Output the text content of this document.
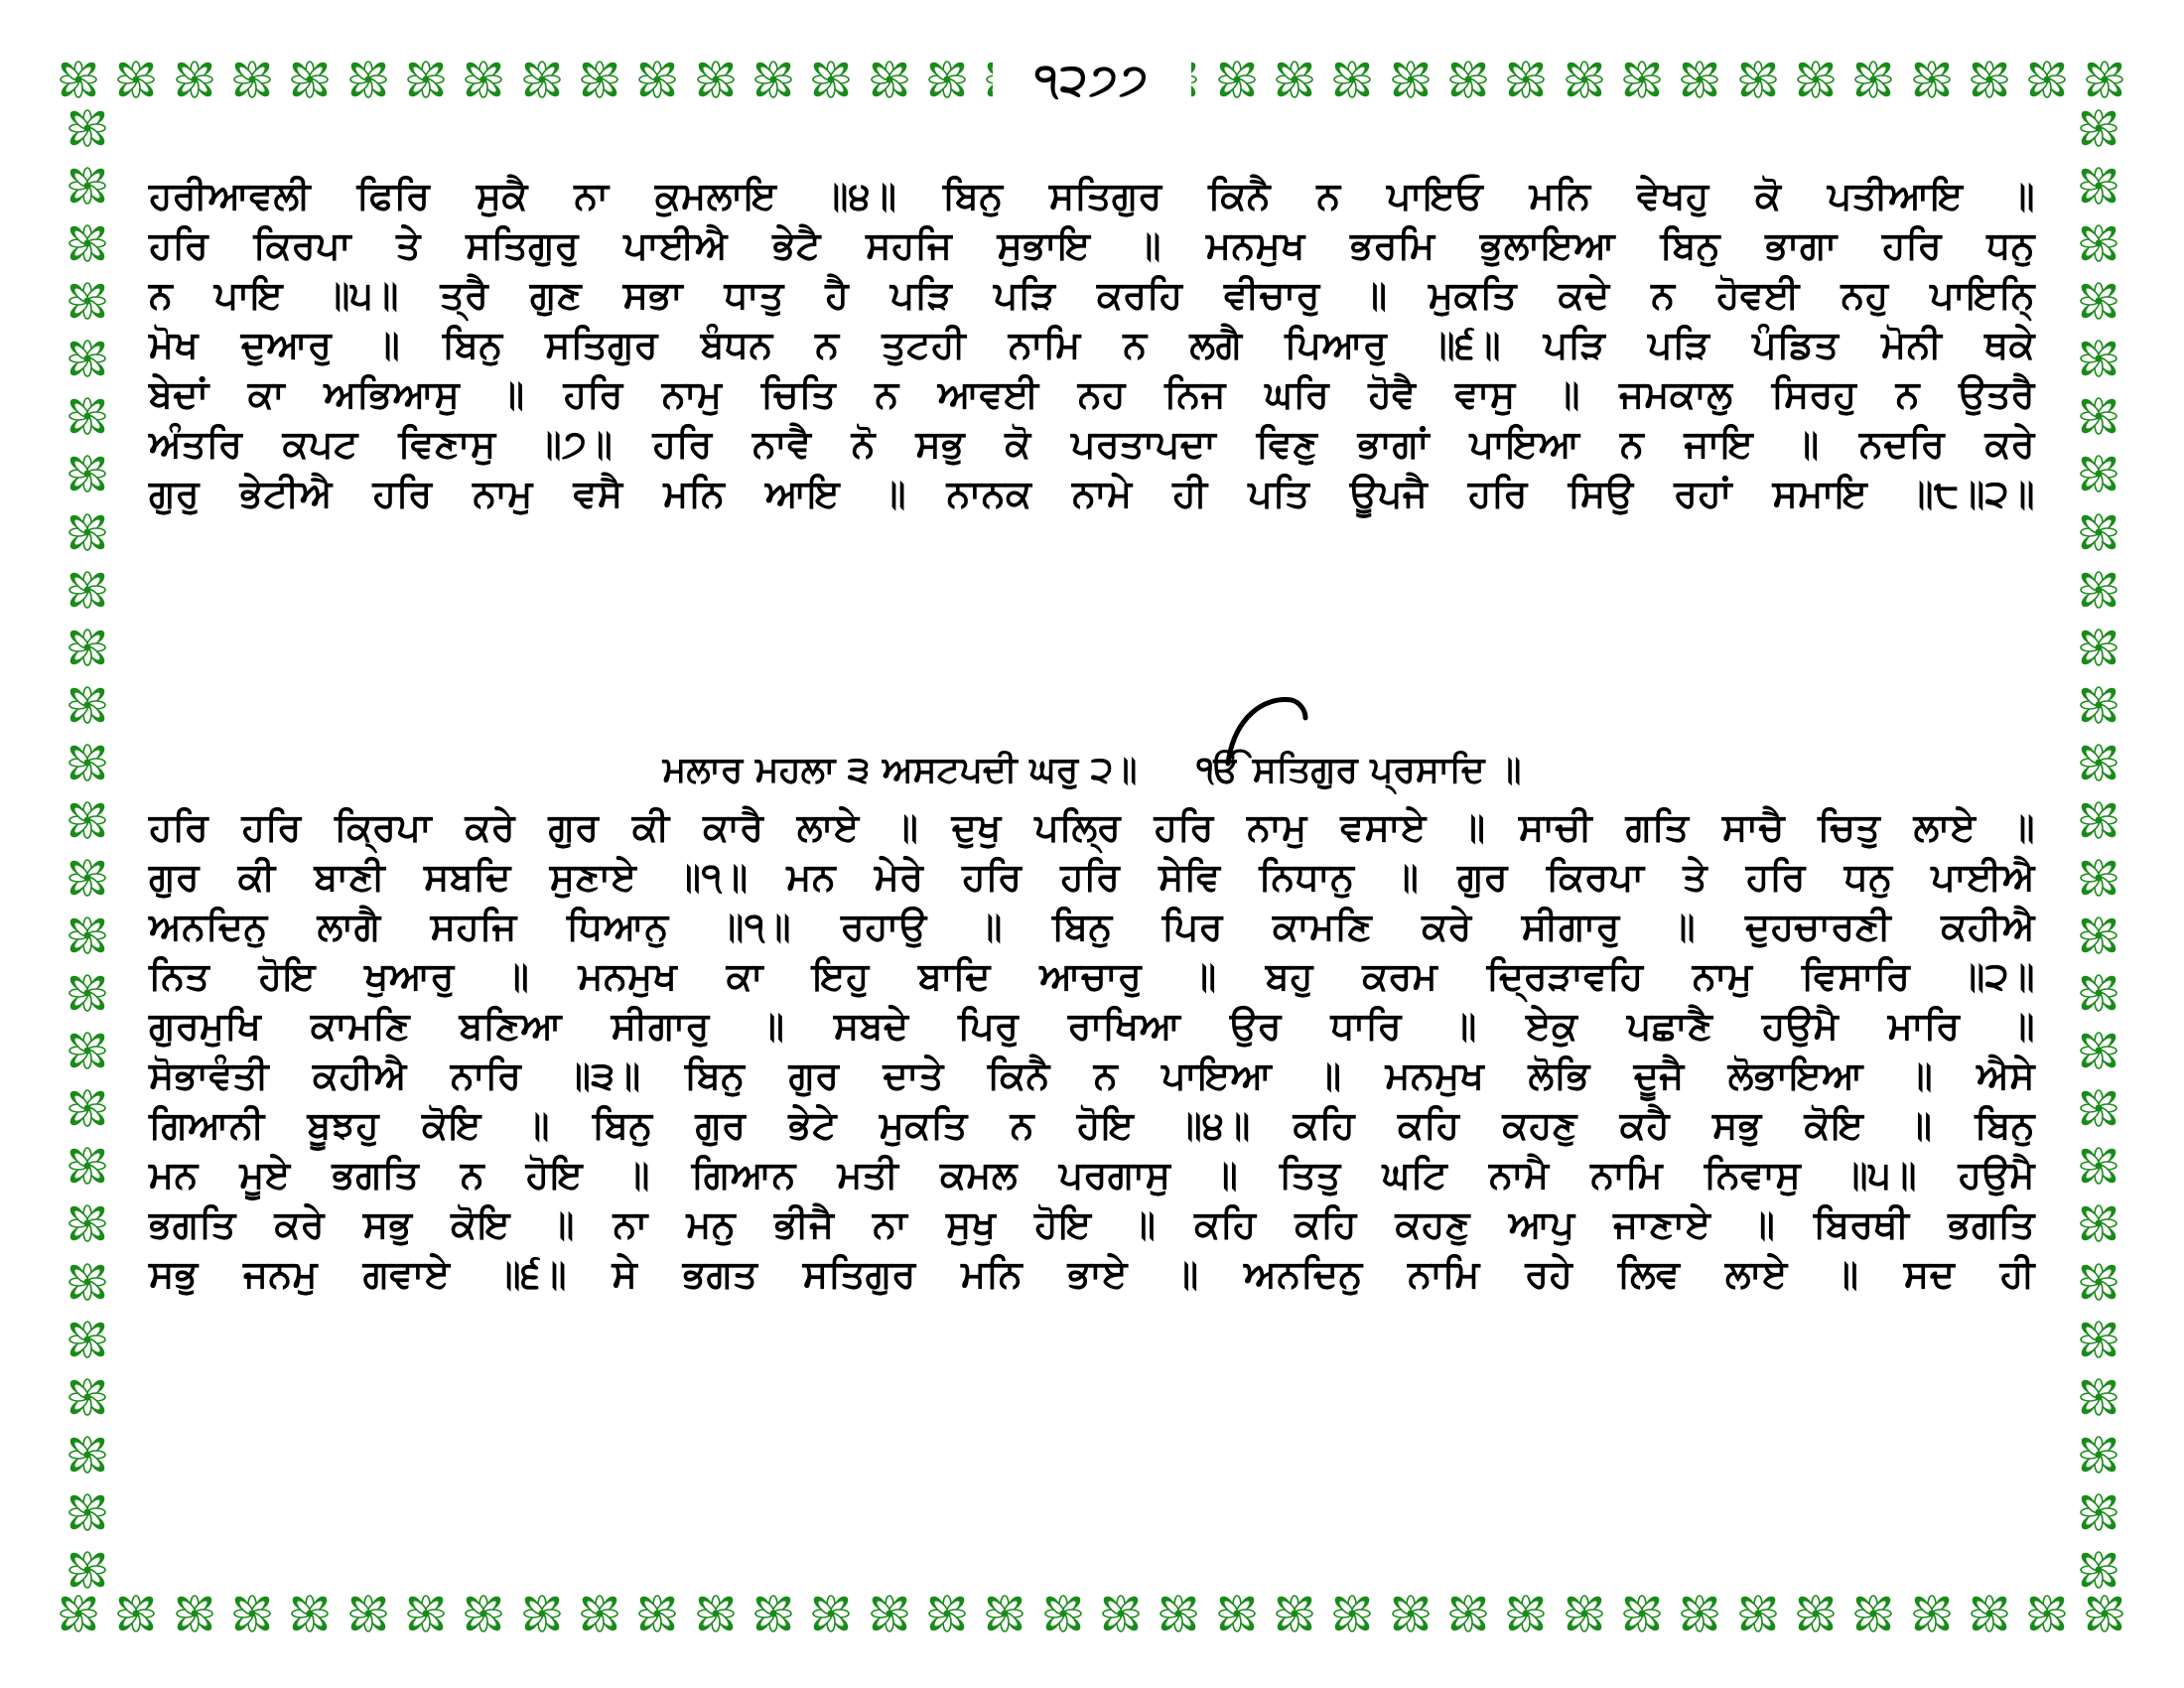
੧੨੭੭
ਹਰੀਆਵਲੀ ਫਿਰਿ ਸੁਕੈ ਨਾ ਕੁਮਲਾਇ ॥੪॥ ਬਿਨੁ ਸਤਿਗੁਰ ਕਿਨੈ ਨ ਪਾਇਓ ਮਨਿ ਵੇਖਹੁ ਕੋ ਪਤੀਆਇ ॥
ਹਰਿ ਕਿਰਪਾ ਤੇ ਸਤਿਗੁਰੁ ਪਾਈਐ ਭੇਟੈ ਸਹਜਿ ਸੁਭਾਇ ॥ ਮਨਮੁਖ ਭਰਮਿ ਭੁਲਾਇਆ ਬਿਨੁ ਭਾਗਾ ਹਰਿ ਧਨੁ
ਨ ਪਾਇ ॥੫॥ ਤ੍ਰੈ ਗੁਣ ਸਭਾ ਧਾਤੁ ਹੈ ਪੜਿ ਪੜਿ ਕਰਹਿ ਵੀਚਾਰੁ ॥ ਮੁਕਤਿ ਕਦੇ ਨ ਹੋਵਈ ਨਹੁ ਪਾਇਨਿ੍
ਮੋਖ ਦੁਆਰੁ ॥ ਬਿਨੁ ਸਤਿਗੁਰ ਬੰਧਨ ਨ ਤੁਟਹੀ ਨਾਮਿ ਨ ਲਗੈ ਪਿਆਰੁ ॥੬॥ ਪੜਿ ਪੜਿ ਪੰਡਿਤ ਮੋਨੀ ਥਕੇ
ਬੇਦਾਂ ਕਾ ਅਭਿਆਸੁ ॥ ਹਰਿ ਨਾਮੁ ਚਿਤਿ ਨ ਆਵਈ ਨਹ ਨਿਜ ਘਰਿ ਹੋਵੈ ਵਾਸੁ ॥ ਜਮਕਾਲੁ ਸਿਰਹੁ ਨ ਉਤਰੈ
ਅੰਤਰਿ ਕਪਟ ਵਿਣਾਸੁ ॥੭॥ ਹਰਿ ਨਾਵੈ ਨੋ ਸਭੁ ਕੋ ਪਰਤਾਪਦਾ ਵਿਣੁ ਭਾਗਾਂ ਪਾਇਆ ਨ ਜਾਇ ॥ ਨਦਰਿ ਕਰੇ
ਗੁਰੁ ਭੇਟੀਐ ਹਰਿ ਨਾਮੁ ਵਸੈ ਮਨਿ ਆਇ ॥ ਨਾਨਕ ਨਾਮੇ ਹੀ ਪਤਿ ਊਪਜੈ ਹਰਿ ਸਿਉ ਰਹਾਂ ਸਮਾਇ ॥੮॥੨॥
ਮਲਾਰ ਮਹਲਾ ੩ ਅਸਟਪਦੀ ਘਰੁ ੨॥ ੴ ਸਤਿਗੁਰ ਪ੍ਰਸਾਦਿ ॥
ਹਰਿ ਹਰਿ ਕ੍ਰਿਪਾ ਕਰੇ ਗੁਰ ਕੀ ਕਾਰੈ ਲਾਏ ॥ ਦੁਖੁ ਪਲ੍ਰਿ ਹਰਿ ਨਾਮੁ ਵਸਾਏ ॥ ਸਾਚੀ ਗਤਿ ਸਾਚੈ ਚਿਤੁ ਲਾਏ ॥
ਗੁਰ ਕੀ ਬਾਣੀ ਸਬਦਿ ਸੁਣਾਏ ॥੧॥ ਮਨ ਮੇਰੇ ਹਰਿ ਹਰਿ ਸੇਵਿ ਨਿਧਾਨੁ ॥ ਗੁਰ ਕਿਰਪਾ ਤੇ ਹਰਿ ਧਨੁ ਪਾਈਐ
ਅਨਦਿਨੁ ਲਾਗੈ ਸਹਜਿ ਧਿਆਨੁ ॥੧॥ ਰਹਾਉ ॥ ਬਿਨੁ ਪਿਰ ਕਾਮਣਿ ਕਰੇ ਸੀਗਾਰੁ ॥ ਦੁਹਚਾਰਣੀ ਕਹੀਐ
ਨਿਤ ਹੋਇ ਖੁਆਰੁ ॥ ਮਨਮੁਖ ਕਾ ਇਹੁ ਬਾਦਿ ਆਚਾਰੁ ॥ ਬਹੁ ਕਰਮ ਦ੍ਰਿੜਾਵਹਿ ਨਾਮੁ ਵਿਸਾਰਿ ॥੨॥
ਗੁਰਮੁਖਿ ਕਾਮਣਿ ਬਣਿਆ ਸੀਗਾਰੁ ॥ ਸਬਦੇ ਪਿਰੁ ਰਾਖਿਆ ਉਰ ਧਾਰਿ ॥ ਏਕੁ ਪਛਾਣੈ ਹਉਮੈ ਮਾਰਿ ॥
ਸੋਭਾਵੰਤੀ ਕਹੀਐ ਨਾਰਿ ॥੩॥ ਬਿਨੁ ਗੁਰ ਦਾਤੇ ਕਿਨੈ ਨ ਪਾਇਆ ॥ ਮਨਮੁਖ ਲੋਭਿ ਦੂਜੈ ਲੋਭਾਇਆ ॥ ਐਸੇ
ਗਿਆਨੀ ਬੂਝਹੁ ਕੋਇ ॥ ਬਿਨੁ ਗੁਰ ਭੇਟੇ ਮੁਕਤਿ ਨ ਹੋਇ ॥੪॥ ਕਹਿ ਕਹਿ ਕਹਣੁ ਕਹੈ ਸਭੁ ਕੋਇ ॥ ਬਿਨੁ
ਮਨ ਮੂਏ ਭਗਤਿ ਨ ਹੋਇ ॥ ਗਿਆਨ ਮਤੀ ਕਮਲ ਪਰਗਾਸੁ ॥ ਤਿਤੁ ਘਟਿ ਨਾਮੈ ਨਾਮਿ ਨਿਵਾਸੁ ॥੫॥ ਹਉਮੈ
ਭਗਤਿ ਕਰੇ ਸਭੁ ਕੋਇ ॥ ਨਾ ਮਨੁ ਭੀਜੈ ਨਾ ਸੁਖੁ ਹੋਇ ॥ ਕਹਿ ਕਹਿ ਕਹਣੁ ਆਪੁ ਜਾਣਾਏ ॥ ਬਿਰਥੀ ਭਗਤਿ
ਸਭੁ ਜਨਮੁ ਗਵਾਏ ॥੬॥ ਸੇ ਭਗਤ ਸਤਿਗੁਰ ਮਨਿ ਭਾਏ ॥ ਅਨਦਿਨੁ ਨਾਮਿ ਰਹੇ ਲਿਵ ਲਾਏ ॥ ਸਦ ਹੀ
